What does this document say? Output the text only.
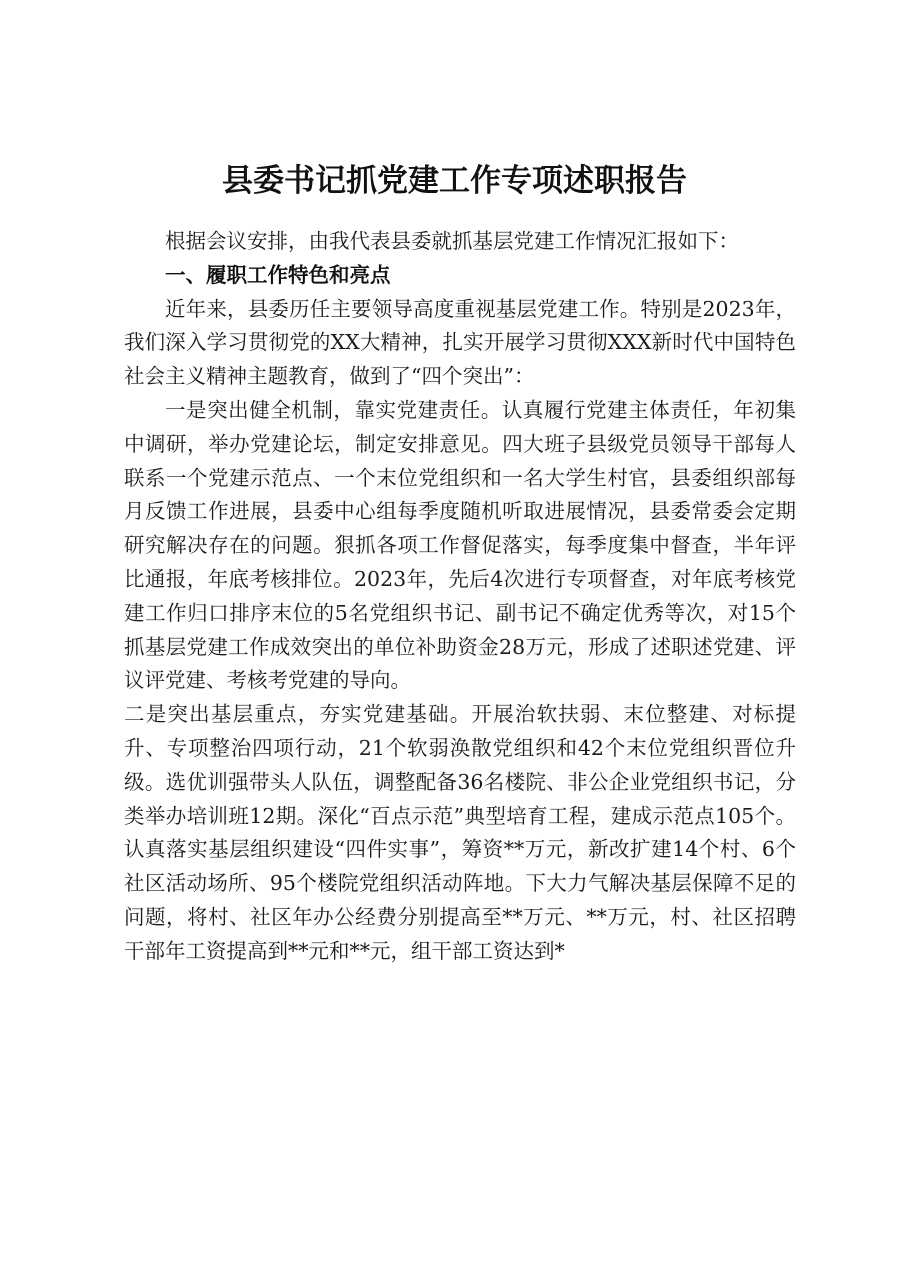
县委书记抓党建工作专项述职报告

根据会议安排，由我代表县委就抓基层党建工作情况汇报如下：

一、履职工作特色和亮点

近年来，县委历任主要领导高度重视基层党建工作。特别是2023年，我们深入学习贯彻党的XX大精神，扎实开展学习贯彻XXX新时代中国特色社会主义精神主题教育，做到了“四个突出”：

一是突出健全机制，靠实党建责任。认真履行党建主体责任，年初集中调研，举办党建论坛，制定安排意见。四大班子县级党员领导干部每人联系一个党建示范点、一个末位党组织和一名大学生村官，县委组织部每月反馈工作进展，县委中心组每季度随机听取进展情况，县委常委会定期研究解决存在的问题。狠抓各项工作督促落实，每季度集中督查，半年评比通报，年底考核排位。2023年，先后4次进行专项督查，对年底考核党建工作归口排序末位的5名党组织书记、副书记不确定优秀等次，对15个抓基层党建工作成效突出的单位补助资金28万元，形成了述职述党建、评议评党建、考核考党建的导向。

二是突出基层重点，夯实党建基础。开展治软扶弱、末位整建、对标提升、专项整治四项行动，21个软弱涣散党组织和42个末位党组织晋位升级。选优训强带头人队伍，调整配备36名楼院、非公企业党组织书记，分类举办培训班12期。深化“百点示范”典型培育工程，建成示范点105个。认真落实基层组织建设“四件实事”，筹资**万元，新改扩建14个村、6个社区活动场所、95个楼院党组织活动阵地。下大力气解决基层保障不足的问题，将村、社区年办公经费分别提高至**万元、**万元，村、社区招聘干部年工资提高到**元和**元，组干部工资达到*
